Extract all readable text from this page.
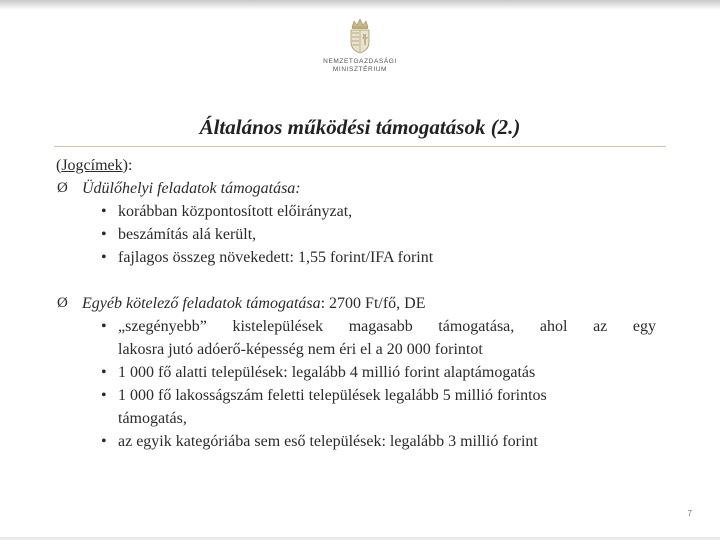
NEMZETGAZDASÁGI
MINISZTÉRIUM
Általános működési támogatások (2.)
(Jogcímek):
Ø Üdülőhelyi feladatok támogatása:
• korábban központosított előirányzat,
• beszámítás alá került,
• fajlagos összeg növekedett: 1,55 forint/IFA forint
Ø Egyéb kötelező feladatok támogatása: 2700 Ft/fő, DE
• „szegényebb” kistelepülések magasabb támogatása, ahol az egy
lakosra jutó adóerő-képesség nem éri el a 20 000 forintot
• 1 000 fő alatti települések: legalább 4 millió forint alaptámogatás
• 1 000 fő lakosságszám feletti települések legalább 5 millió forintos
támogatás,
• az egyik kategóriába sem eső települések: legalább 3 millió forint
7
